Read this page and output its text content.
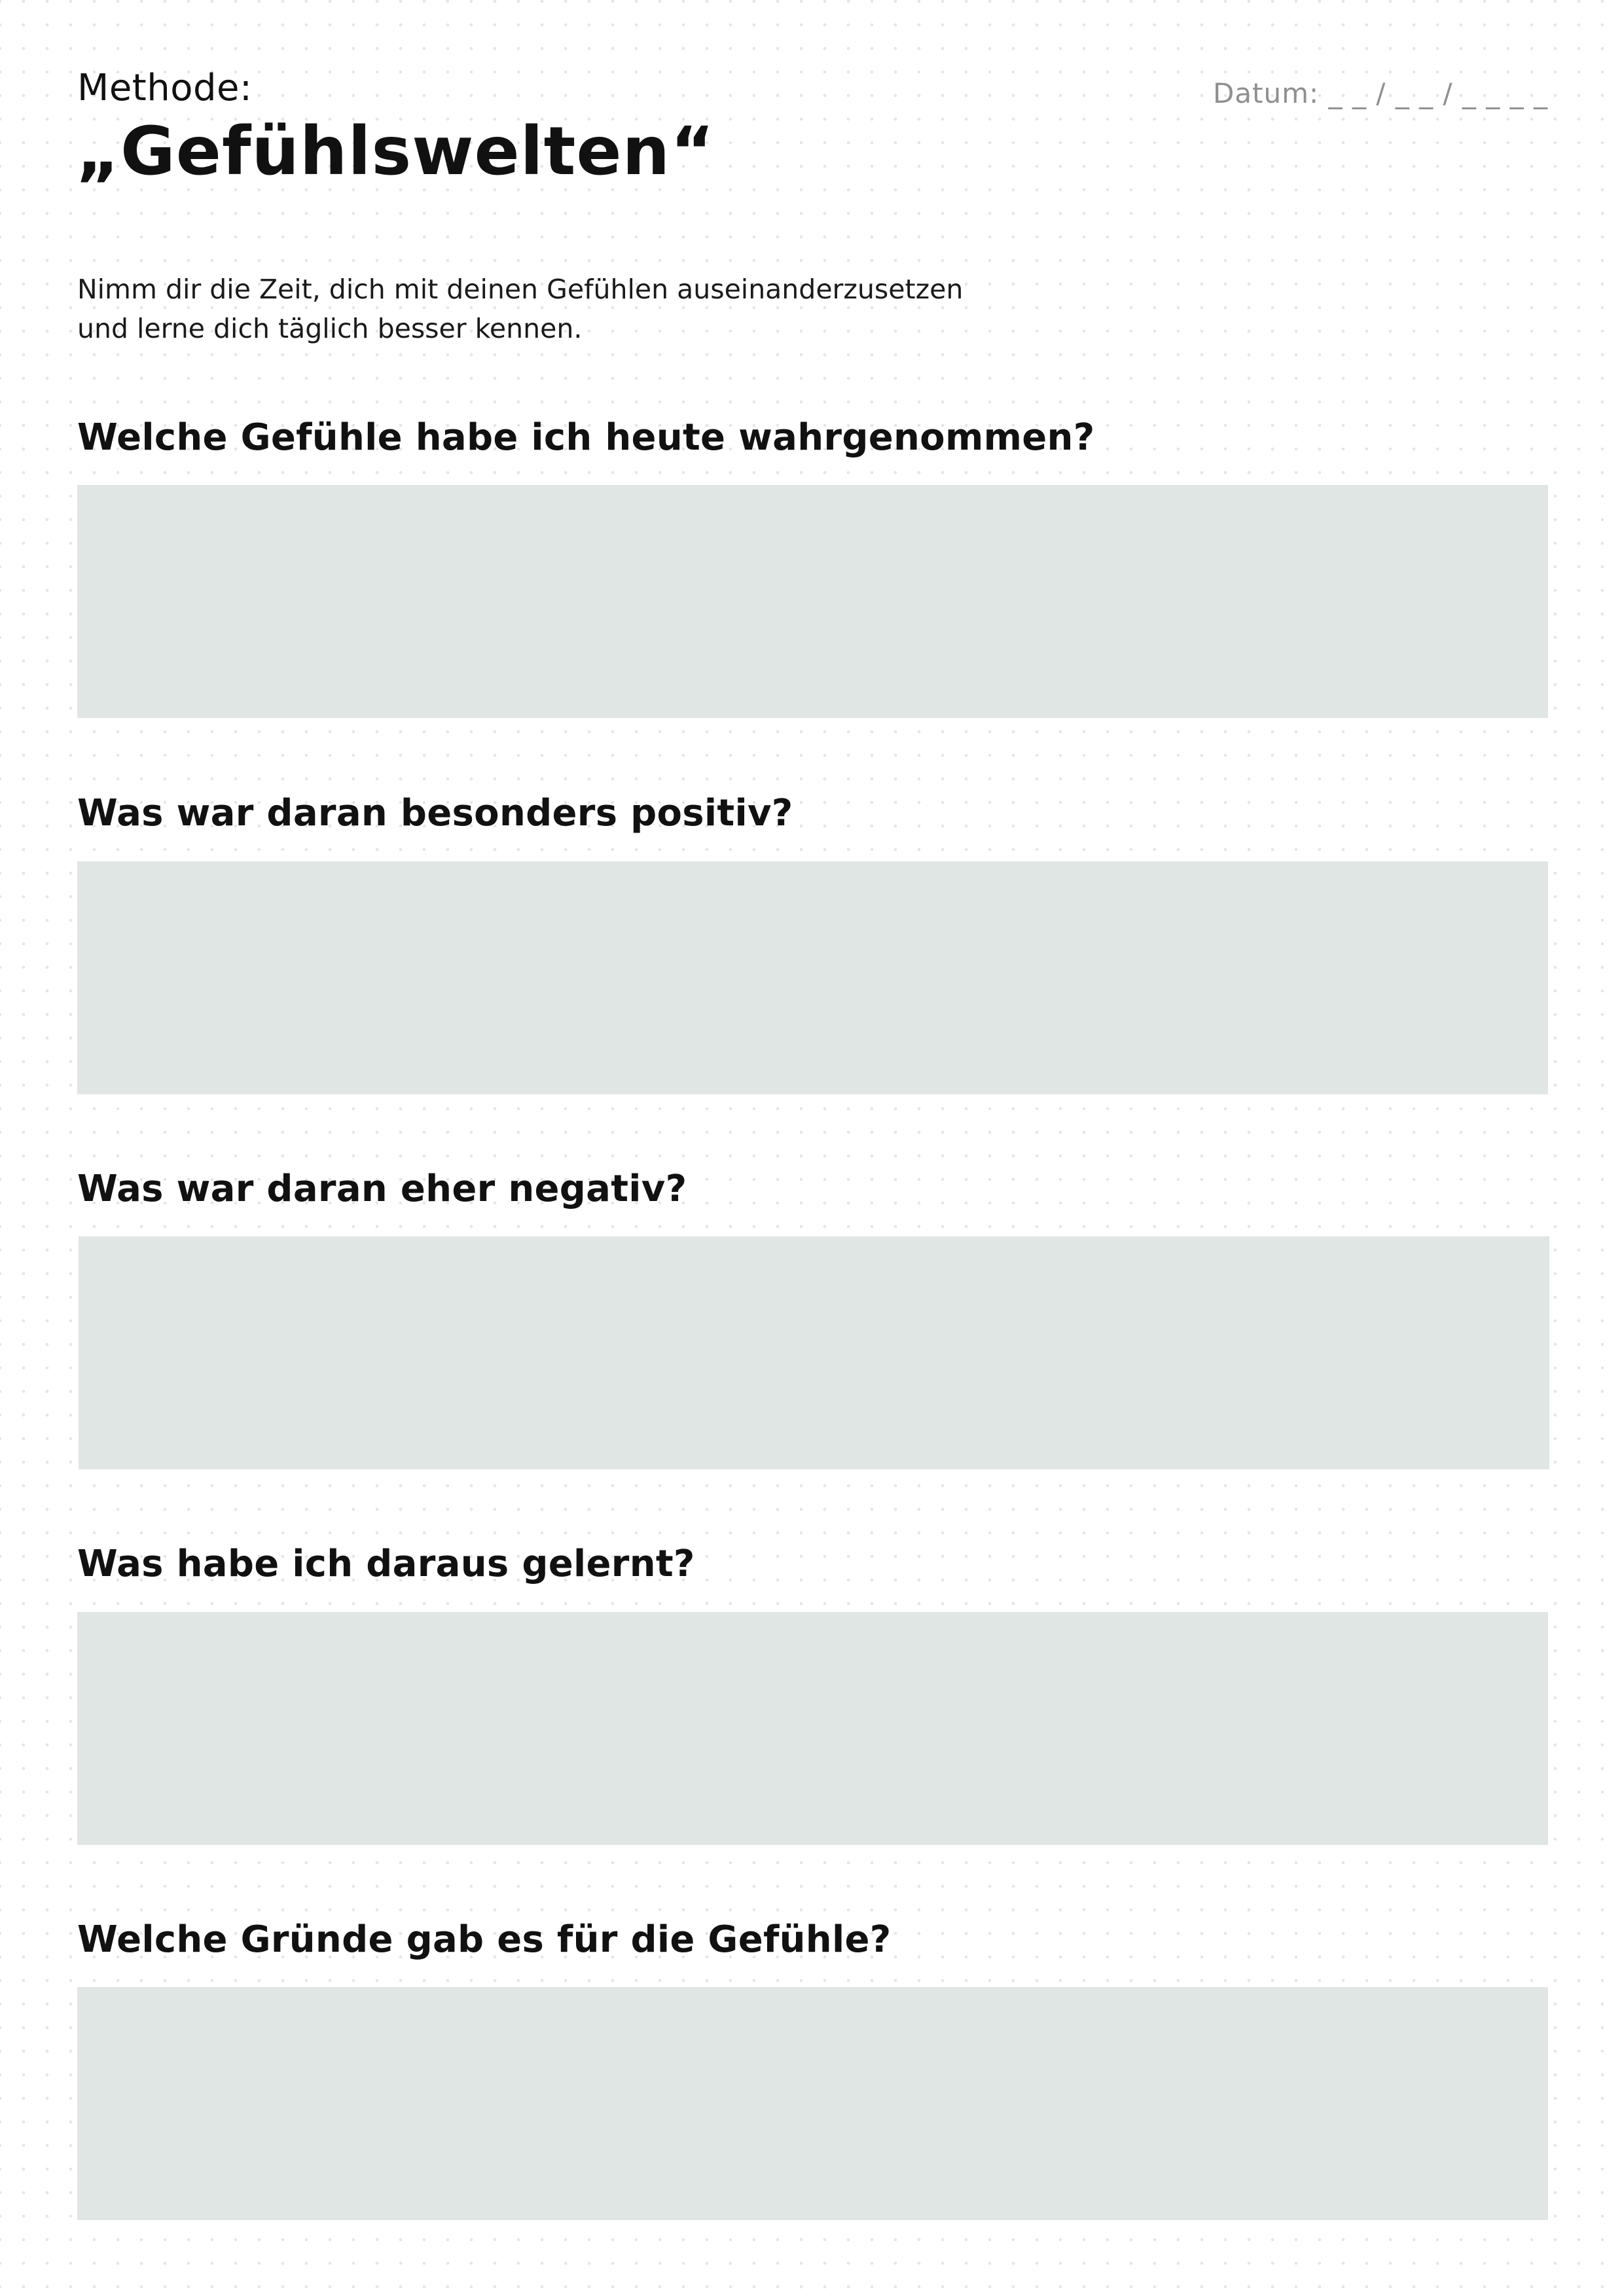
Methode:
„Gefühlswelten“
Datum: _ _ / _ _ / _ _ _ _
Nimm dir die Zeit, dich mit deinen Gefühlen auseinanderzusetzen
und lerne dich täglich besser kennen.
Welche Gefühle habe ich heute wahrgenommen?
Was war daran besonders positiv?
Was war daran eher negativ?
Was habe ich daraus gelernt?
Welche Gründe gab es für die Gefühle?
